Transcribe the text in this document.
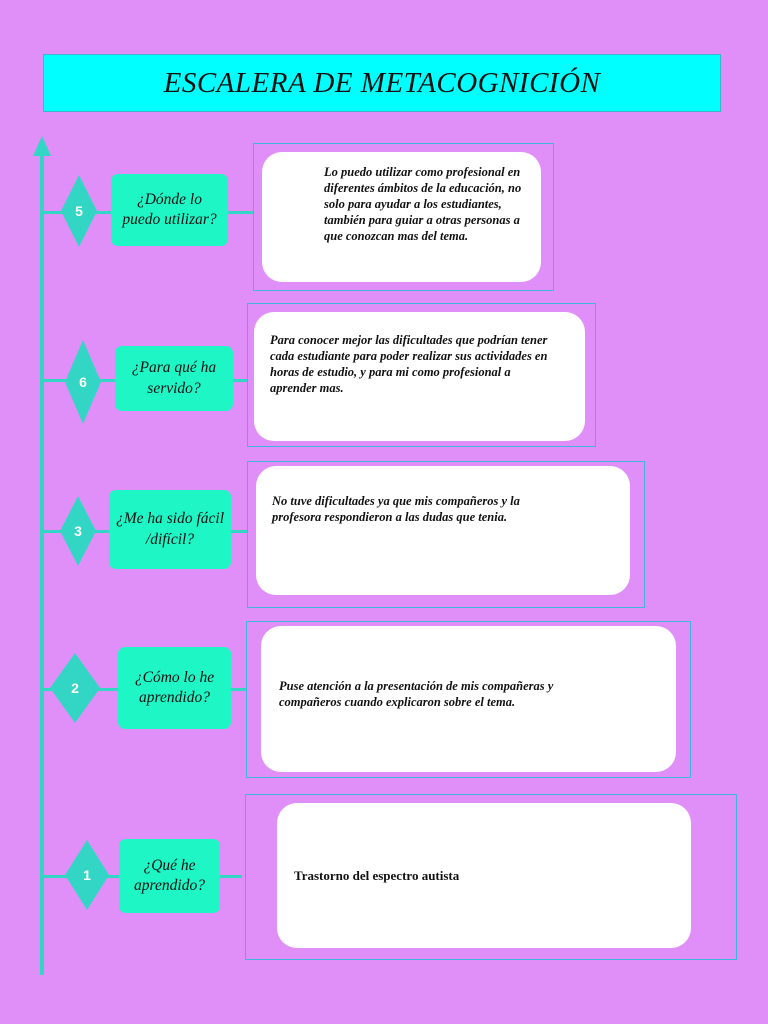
ESCALERA DE METACOGNICIÓN
5
¿Dónde lo puedo utilizar?
Lo puedo utilizar como profesional en diferentes ámbitos de la educación, no solo para ayudar a los estudiantes, también para guiar a otras personas a que conozcan mas del tema.
6
¿Para qué ha servido?
Para conocer mejor las dificultades que podrían tener cada estudiante para poder realizar sus actividades en horas de estudio, y para mi como profesional a aprender mas.
3
¿Me ha sido fácil /difícil?
No tuve dificultades ya que mis compañeros y la profesora respondieron a las dudas que tenia.
2
¿Cómo lo he aprendido?
Puse atención a la presentación de mis compañeras y compañeros cuando explicaron sobre el tema.
1
¿Qué he aprendido?
Trastorno del espectro autista
